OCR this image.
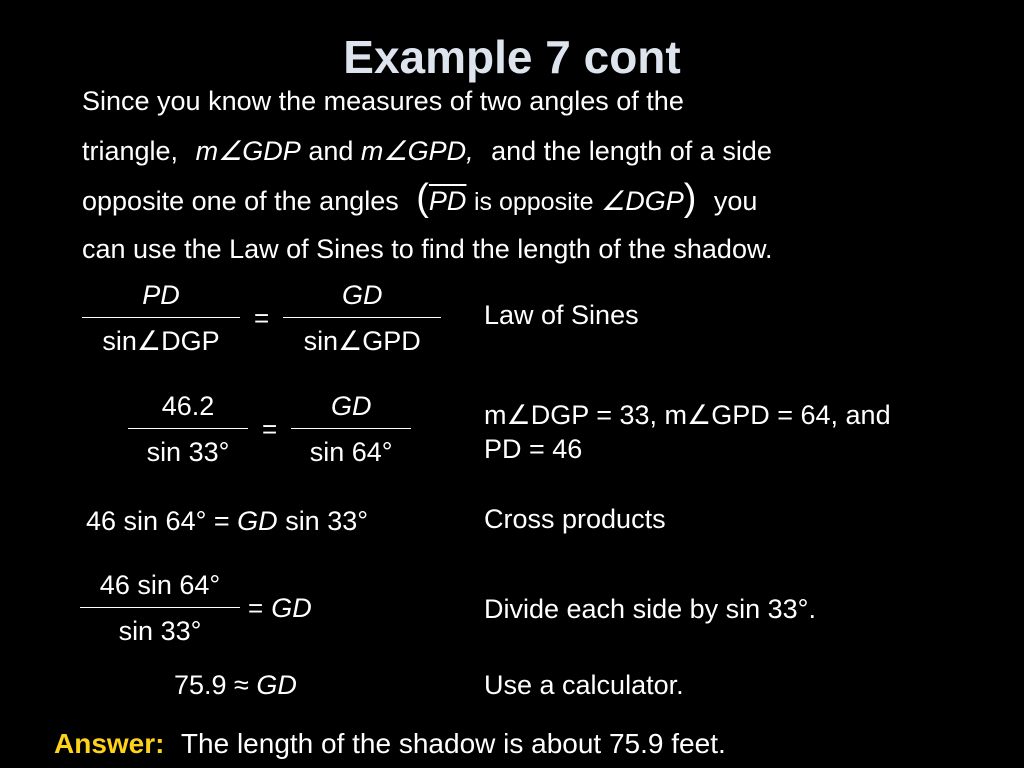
Example 7 cont
Since you know the measures of two angles of the
triangle, m∠GDP and m∠GPD, and the length of a side
opposite one of the angles ($\overline{PD}$ is opposite ∠DGP) you
can use the Law of Sines to find the length of the shadow.
$\frac{PD}{\text{sin∠DGP}} = \frac{GD}{\text{sin∠GPD}}$ Law of Sines
$\frac{46.2}{\sin 33^\circ} = \frac{GD}{\sin 64^\circ}$	m∠DGP = 33, m∠GPD = 64, and
PD = 46
46 sin 64° = GD sin 33°	Cross products
$\frac{46 \sin 64^\circ}{\sin 33^\circ}$ = GD	Divide each side by sin 33°.
75.9 ≈ GD	Use a calculator.
Answer: The length of the shadow is about 75.9 feet.
